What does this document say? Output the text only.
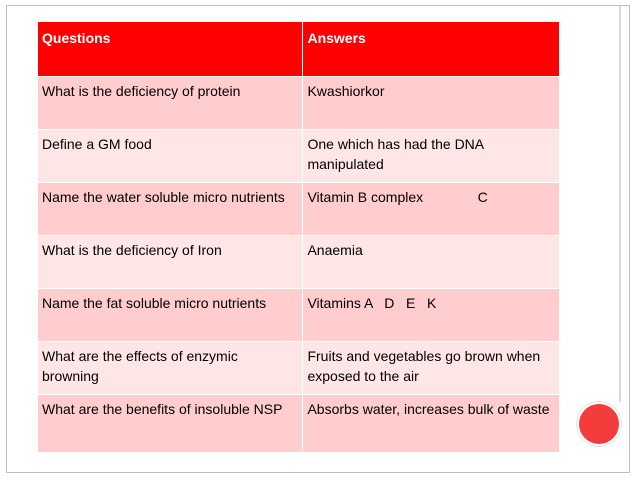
Questions	Answers
What is the deficiency of protein	Kwashiorkor
Define a GM food	One which has had the DNA manipulated
Name the water soluble micro nutrients	Vitamin B complex              C
What is the deficiency of Iron	Anaemia
Name the fat soluble micro nutrients	Vitamins A   D   E   K
What are the effects of enzymic browning	Fruits and vegetables go brown when exposed to the air
What are the benefits of insoluble NSP	Absorbs water, increases bulk of waste
